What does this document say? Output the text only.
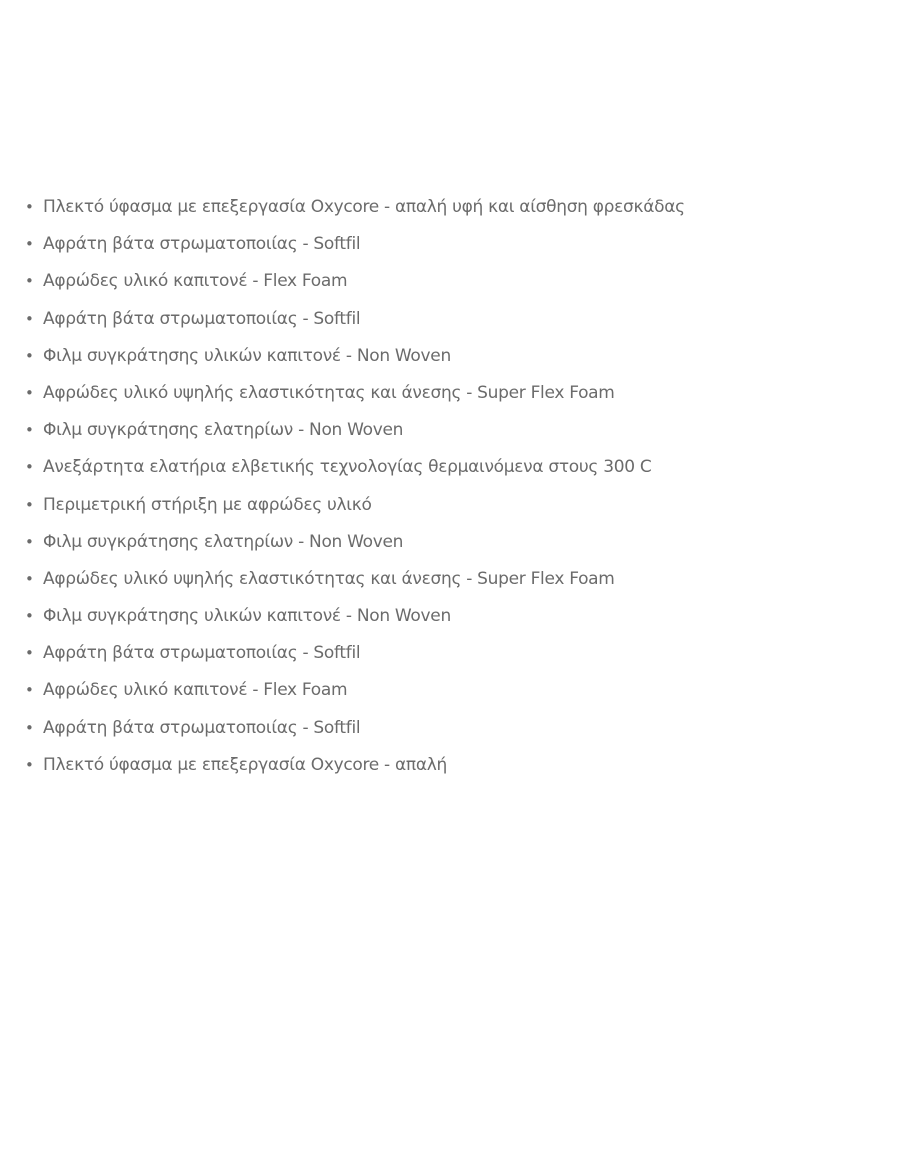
• Πλεκτό ύφασμα με επεξεργασία Oxycore - απαλή υφή και αίσθηση φρεσκάδας
• Αφράτη βάτα στρωματοποιίας - Softfil
• Αφρώδες υλικό καπιτονέ - Flex Foam
• Αφράτη βάτα στρωματοποιίας - Softfil
• Φιλμ συγκράτησης υλικών καπιτονέ - Non Woven
• Αφρώδες υλικό υψηλής ελαστικότητας και άνεσης - Super Flex Foam
• Φιλμ συγκράτησης ελατηρίων - Non Woven
• Ανεξάρτητα ελατήρια ελβετικής τεχνολογίας θερμαινόμενα στους 300 C
• Περιμετρική στήριξη με αφρώδες υλικό
• Φιλμ συγκράτησης ελατηρίων - Non Woven
• Αφρώδες υλικό υψηλής ελαστικότητας και άνεσης - Super Flex Foam
• Φιλμ συγκράτησης υλικών καπιτονέ - Non Woven
• Αφράτη βάτα στρωματοποιίας - Softfil
• Αφρώδες υλικό καπιτονέ - Flex Foam
• Αφράτη βάτα στρωματοποιίας - Softfil
• Πλεκτό ύφασμα με επεξεργασία Oxycore - απαλή
